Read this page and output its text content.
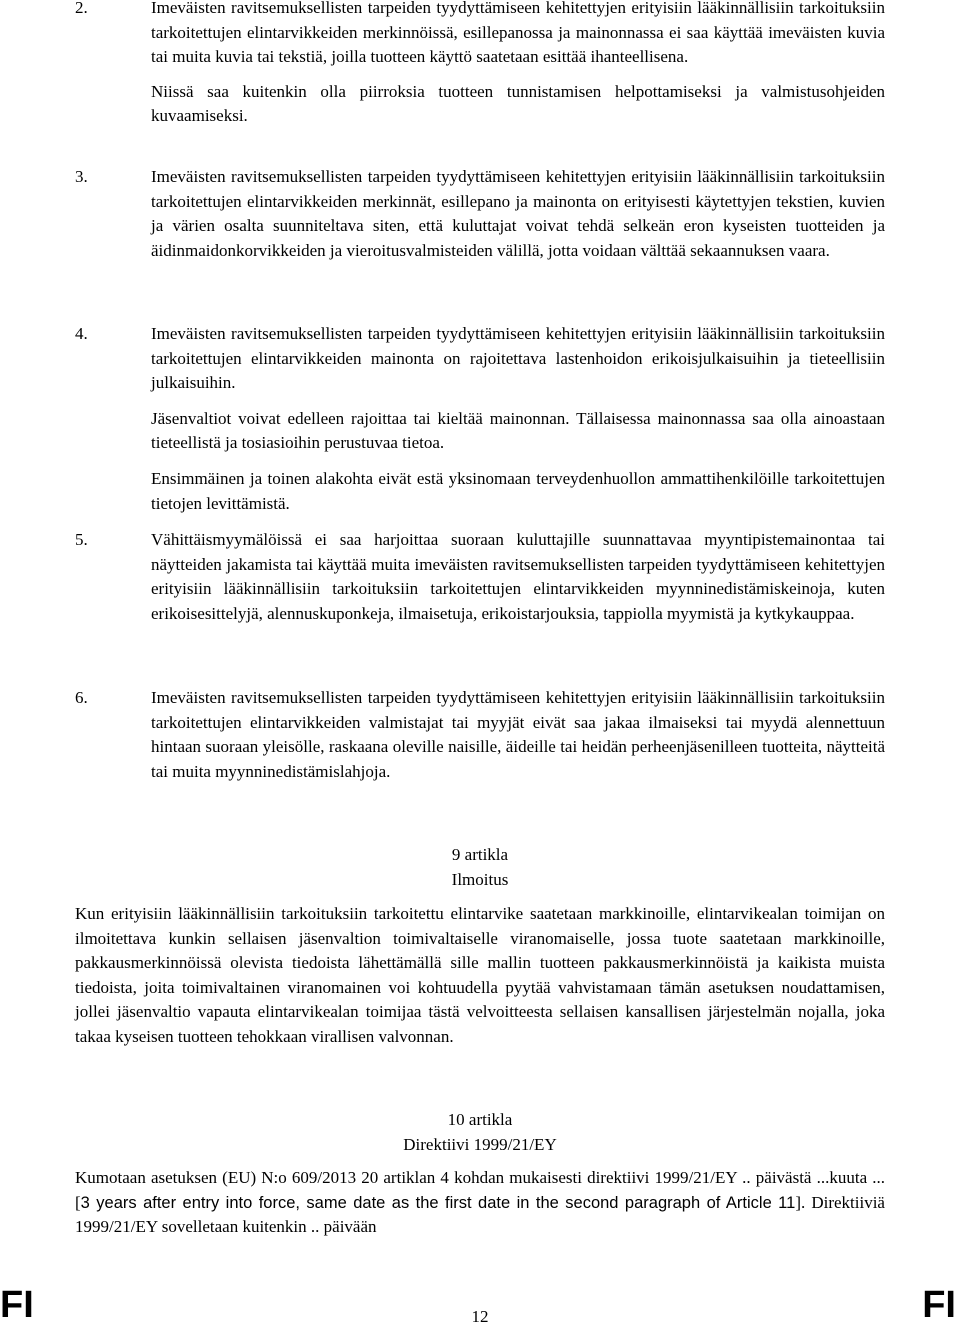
2.	Imeväisten ravitsemuksellisten tarpeiden tyydyttämiseen kehitettyjen erityisiin lääkinnällisiin tarkoituksiin tarkoitettujen elintarvikkeiden merkinnöissä, esillepanossa ja mainonnassa ei saa käyttää imeväisten kuvia tai muita kuvia tai tekstiä, joilla tuotteen käyttö saatetaan esittää ihanteellisena.

Niissä saa kuitenkin olla piirroksia tuotteen tunnistamisen helpottamiseksi ja valmistusohjeiden kuvaamiseksi.

3.	Imeväisten ravitsemuksellisten tarpeiden tyydyttämiseen kehitettyjen erityisiin lääkinnällisiin tarkoituksiin tarkoitettujen elintarvikkeiden merkinnät, esillepano ja mainonta on erityisesti käytettyjen tekstien, kuvien ja värien osalta suunniteltava siten, että kuluttajat voivat tehdä selkeän eron kyseisten tuotteiden ja äidinmaidonkorvikkeiden ja vieroitusvalmisteiden välillä, jotta voidaan välttää sekaannuksen vaara.

4.	Imeväisten ravitsemuksellisten tarpeiden tyydyttämiseen kehitettyjen erityisiin lääkinnällisiin tarkoituksiin tarkoitettujen elintarvikkeiden mainonta on rajoitettava lastenhoidon erikoisjulkaisuihin ja tieteellisiin julkaisuihin.

Jäsenvaltiot voivat edelleen rajoittaa tai kieltää mainonnan. Tällaisessa mainonnassa saa olla ainoastaan tieteellistä ja tosiasioihin perustuvaa tietoa.

Ensimmäinen ja toinen alakohta eivät estä yksinomaan terveydenhuollon ammattihenkilöille tarkoitettujen tietojen levittämistä.

5.	Vähittäismyymälöissä ei saa harjoittaa suoraan kuluttajille suunnattavaa myyntipistemainontaa tai näytteiden jakamista tai käyttää muita imeväisten ravitsemuksellisten tarpeiden tyydyttämiseen kehitettyjen erityisiin lääkinnällisiin tarkoituksiin tarkoitettujen elintarvikkeiden myynninedistämiskeinoja, kuten erikoisesittelyjä, alennuskuponkeja, ilmaisetuja, erikoistarjouksia, tappiolla myymistä ja kytkykauppaa.

6.	Imeväisten ravitsemuksellisten tarpeiden tyydyttämiseen kehitettyjen erityisiin lääkinnällisiin tarkoituksiin tarkoitettujen elintarvikkeiden valmistajat tai myyjät eivät saa jakaa ilmaiseksi tai myydä alennettuun hintaan suoraan yleisölle, raskaana oleville naisille, äideille tai heidän perheenjäsenilleen tuotteita, näytteitä tai muita myynninedistämislahjoja.

9 artikla
Ilmoitus

Kun erityisiin lääkinnällisiin tarkoituksiin tarkoitettu elintarvike saatetaan markkinoille, elintarvikealan toimijan on ilmoitettava kunkin sellaisen jäsenvaltion toimivaltaiselle viranomaiselle, jossa tuote saatetaan markkinoille, pakkausmerkinnöissä olevista tiedoista lähettämällä sille mallin tuotteen pakkausmerkinnöistä ja kaikista muista tiedoista, joita toimivaltainen viranomainen voi kohtuudella pyytää vahvistamaan tämän asetuksen noudattamisen, jollei jäsenvaltio vapauta elintarvikealan toimijaa tästä velvoitteesta sellaisen kansallisen järjestelmän nojalla, joka takaa kyseisen tuotteen tehokkaan virallisen valvonnan.

10 artikla
Direktiivi 1999/21/EY

Kumotaan asetuksen (EU) N:o 609/2013 20 artiklan 4 kohdan mukaisesti direktiivi 1999/21/EY .. päivästä ...kuuta ... [3 years after entry into force, same date as the first date in the second paragraph of Article 11]. Direktiiviä 1999/21/EY sovelletaan kuitenkin .. päivään

FI	12	FI
